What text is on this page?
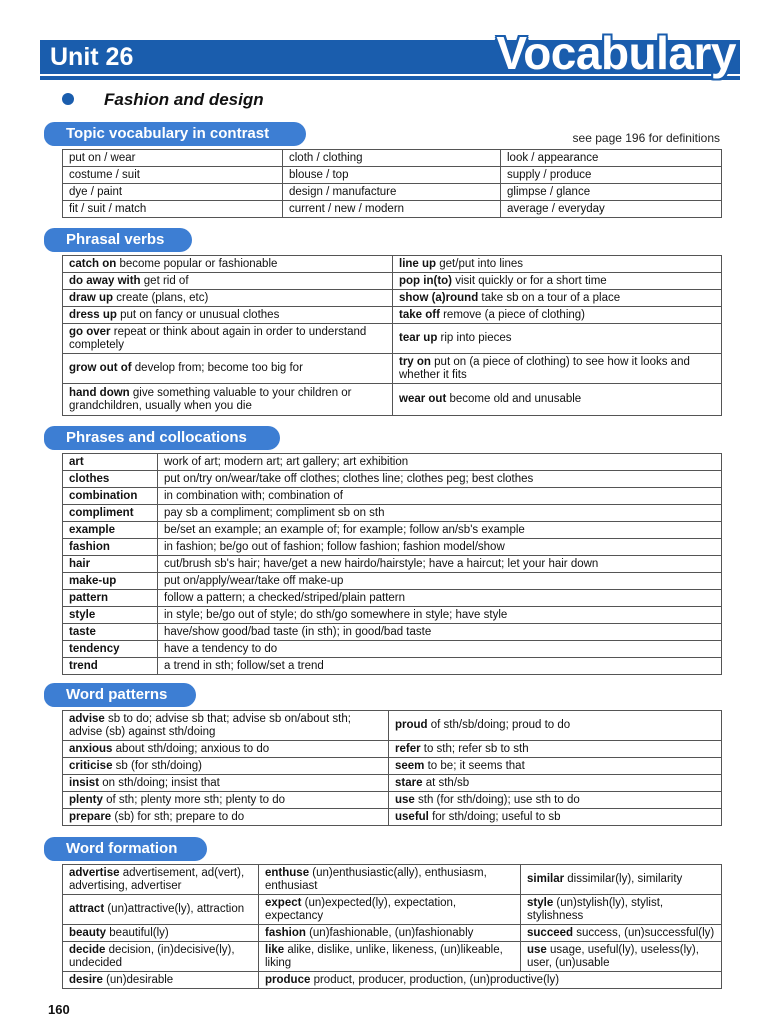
Unit 26	Vocabulary
Fashion and design
Topic vocabulary in contrast	see page 196 for definitions
put on / wear	cloth / clothing	look / appearance
costume / suit	blouse / top	supply / produce
dye / paint	design / manufacture	glimpse / glance
fit / suit / match	current / new / modern	average / everyday
Phrasal verbs
catch on become popular or fashionable	line up get/put into lines
do away with get rid of	pop in(to) visit quickly or for a short time
draw up create (plans, etc)	show (a)round take sb on a tour of a place
dress up put on fancy or unusual clothes	take off remove (a piece of clothing)
go over repeat or think about again in order to understand completely	tear up rip into pieces
grow out of develop from; become too big for	try on put on (a piece of clothing) to see how it looks and whether it fits
hand down give something valuable to your children or grandchildren, usually when you die	wear out become old and unusable
Phrases and collocations
art	work of art; modern art; art gallery; art exhibition
clothes	put on/try on/wear/take off clothes; clothes line; clothes peg; best clothes
combination	in combination with; combination of
compliment	pay sb a compliment; compliment sb on sth
example	be/set an example; an example of; for example; follow an/sb's example
fashion	in fashion; be/go out of fashion; follow fashion; fashion model/show
hair	cut/brush sb's hair; have/get a new hairdo/hairstyle; have a haircut; let your hair down
make-up	put on/apply/wear/take off make-up
pattern	follow a pattern; a checked/striped/plain pattern
style	in style; be/go out of style; do sth/go somewhere in style; have style
taste	have/show good/bad taste (in sth); in good/bad taste
tendency	have a tendency to do
trend	a trend in sth; follow/set a trend
Word patterns
advise sb to do; advise sb that; advise sb on/about sth; advise (sb) against sth/doing	proud of sth/sb/doing; proud to do
anxious about sth/doing; anxious to do	refer to sth; refer sb to sth
criticise sb (for sth/doing)	seem to be; it seems that
insist on sth/doing; insist that	stare at sth/sb
plenty of sth; plenty more sth; plenty to do	use sth (for sth/doing); use sth to do
prepare (sb) for sth; prepare to do	useful for sth/doing; useful to sb
Word formation
advertise advertisement, ad(vert), advertising, advertiser	enthuse (un)enthusiastic(ally), enthusiasm, enthusiast	similar dissimilar(ly), similarity
attract (un)attractive(ly), attraction	expect (un)expected(ly), expectation, expectancy	style (un)stylish(ly), stylist, stylishness
beauty beautiful(ly)	fashion (un)fashionable, (un)fashionably	succeed success, (un)successful(ly)
decide decision, (in)decisive(ly), undecided	like alike, dislike, unlike, likeness, (un)likeable, liking	use usage, useful(ly), useless(ly), user, (un)usable
desire (un)desirable	produce product, producer, production, (un)productive(ly)	
160
